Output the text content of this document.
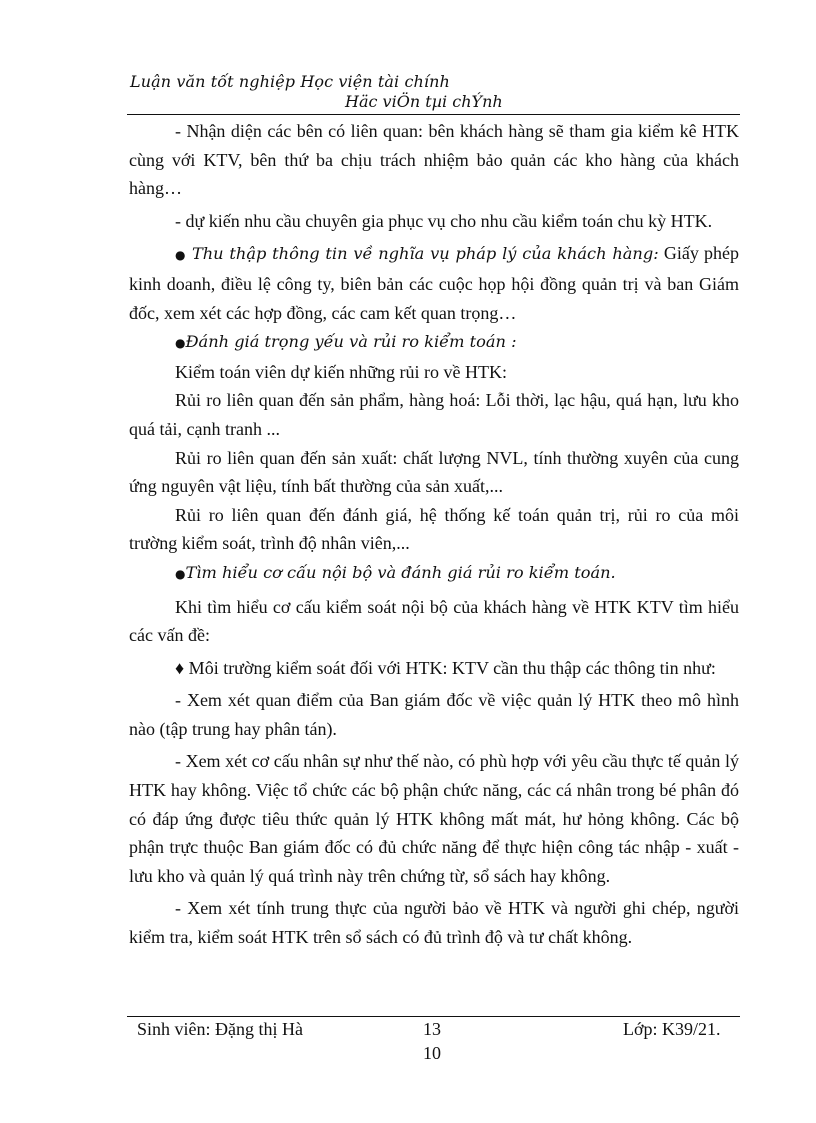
Luận văn tốt nghiệp Học viện tài chính
Häc viÖn tµi chÝnh

- Nhận diện các bên có liên quan: bên khách hàng sẽ tham gia kiểm kê HTK cùng với KTV, bên thứ ba chịu trách nhiệm bảo quản các kho hàng của khách hàng…

- dự kiến nhu cầu chuyên gia phục vụ cho nhu cầu kiểm toán chu kỳ HTK.

● Thu thập thông tin về nghĩa vụ pháp lý của khách hàng: Giấy phép kinh doanh, điều lệ công ty, biên bản các cuộc họp hội đồng quản trị và ban Giám đốc, xem xét các hợp đồng, các cam kết quan trọng…

●Đánh giá trọng yếu và rủi ro kiểm toán :

Kiểm toán viên dự kiến những rủi ro về HTK:

Rủi ro liên quan đến sản phẩm, hàng hoá: Lỗi thời, lạc hậu, quá hạn, lưu kho quá tải, cạnh tranh ...

Rủi ro liên quan đến sản xuất: chất lượng NVL, tính thường xuyên của cung ứng nguyên vật liệu, tính bất thường của sản xuất,...

Rủi ro liên quan đến đánh giá, hệ thống kế toán quản trị, rủi ro của môi trường kiểm soát, trình độ nhân viên,...

●Tìm hiểu cơ cấu nội bộ và đánh giá rủi ro kiểm toán.

Khi tìm hiểu cơ cấu kiểm soát nội bộ của khách hàng về HTK KTV tìm hiểu các vấn đề:

♦ Môi trường kiểm soát đối với HTK: KTV cần thu thập các thông tin như:

- Xem xét quan điểm của Ban giám đốc về việc quản lý HTK theo mô hình nào (tập trung hay phân tán).

- Xem xét cơ cấu nhân sự như thế nào, có phù hợp với yêu cầu thực tế quản lý HTK hay không. Việc tổ chức các bộ phận chức năng, các cá nhân trong bé phân đó có đáp ứng được tiêu thức quản lý HTK không mất mát, hư hỏng không. Các bộ phận trực thuộc Ban giám đốc có đủ chức năng để thực hiện công tác nhập - xuất - lưu kho và quản lý quá trình này trên chứng từ, sổ sách hay không.

- Xem xét tính trung thực của người bảo về HTK và người ghi chép, người kiểm tra, kiểm soát HTK trên sổ sách có đủ trình độ và tư chất không.

Sinh viên: Đặng thị Hà	13
10
Lớp: K39/21.
